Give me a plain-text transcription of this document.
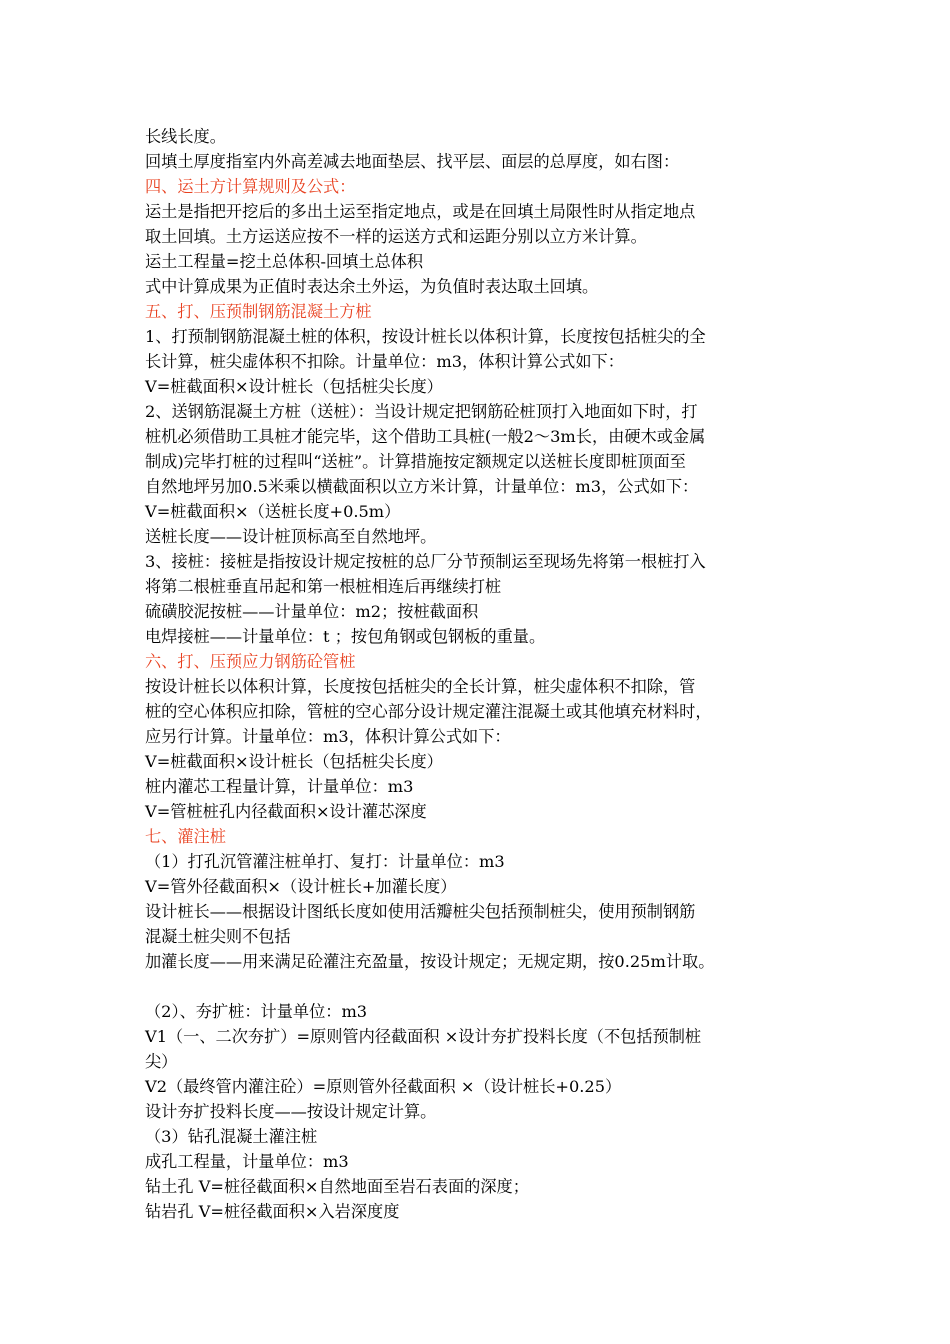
长线长度。
回填土厚度指室内外高差减去地面垫层、找平层、面层的总厚度，如右图：
四、运土方计算规则及公式：
运土是指把开挖后的多出土运至指定地点，或是在回填土局限性时从指定地点
取土回填。土方运送应按不一样的运送方式和运距分别以立方米计算。
运土工程量=挖土总体积-回填土总体积
式中计算成果为正值时表达余土外运，为负值时表达取土回填。
五、打、压预制钢筋混凝土方桩
1、打预制钢筋混凝土桩的体积，按设计桩长以体积计算，长度按包括桩尖的全
长计算，桩尖虚体积不扣除。计量单位：m3，体积计算公式如下：
V=桩截面积×设计桩长（包括桩尖长度）
2、送钢筋混凝土方桩（送桩）：当设计规定把钢筋砼桩顶打入地面如下时，打
桩机必须借助工具桩才能完毕，这个借助工具桩(一般2～3m长，由硬木或金属
制成)完毕打桩的过程叫“送桩”。计算措施按定额规定以送桩长度即桩顶面至
自然地坪另加0.5米乘以横截面积以立方米计算，计量单位：m3，公式如下：
V=桩截面积×（送桩长度+0.5m）
送桩长度——设计桩顶标高至自然地坪。
3、接桩：接桩是指按设计规定按桩的总厂分节预制运至现场先将第一根桩打入
将第二根桩垂直吊起和第一根桩相连后再继续打桩
硫磺胶泥按桩——计量单位：m2；按桩截面积
电焊接桩——计量单位：t ；按包角钢或包钢板的重量。
六、打、压预应力钢筋砼管桩
按设计桩长以体积计算，长度按包括桩尖的全长计算，桩尖虚体积不扣除，管
桩的空心体积应扣除，管桩的空心部分设计规定灌注混凝土或其他填充材料时，
应另行计算。计量单位：m3，体积计算公式如下：
V=桩截面积×设计桩长（包括桩尖长度）
桩内灌芯工程量计算，计量单位：m3
V=管桩桩孔内径截面积×设计灌芯深度
七、灌注桩
（1）打孔沉管灌注桩单打、复打：计量单位：m3
V=管外径截面积×（设计桩长+加灌长度）
设计桩长——根据设计图纸长度如使用活瓣桩尖包括预制桩尖，使用预制钢筋
混凝土桩尖则不包括
加灌长度——用来满足砼灌注充盈量，按设计规定；无规定期，按0.25m计取。
（2）、夯扩桩：计量单位：m3
V1（一、二次夯扩）=原则管内径截面积 ×设计夯扩投料长度（不包括预制桩
尖）
V2（最终管内灌注砼）=原则管外径截面积 ×（设计桩长+0.25）
设计夯扩投料长度——按设计规定计算。
（3）钻孔混凝土灌注桩
成孔工程量，计量单位：m3
钻土孔 V=桩径截面积×自然地面至岩石表面的深度；
钻岩孔 V=桩径截面积×入岩深度度
